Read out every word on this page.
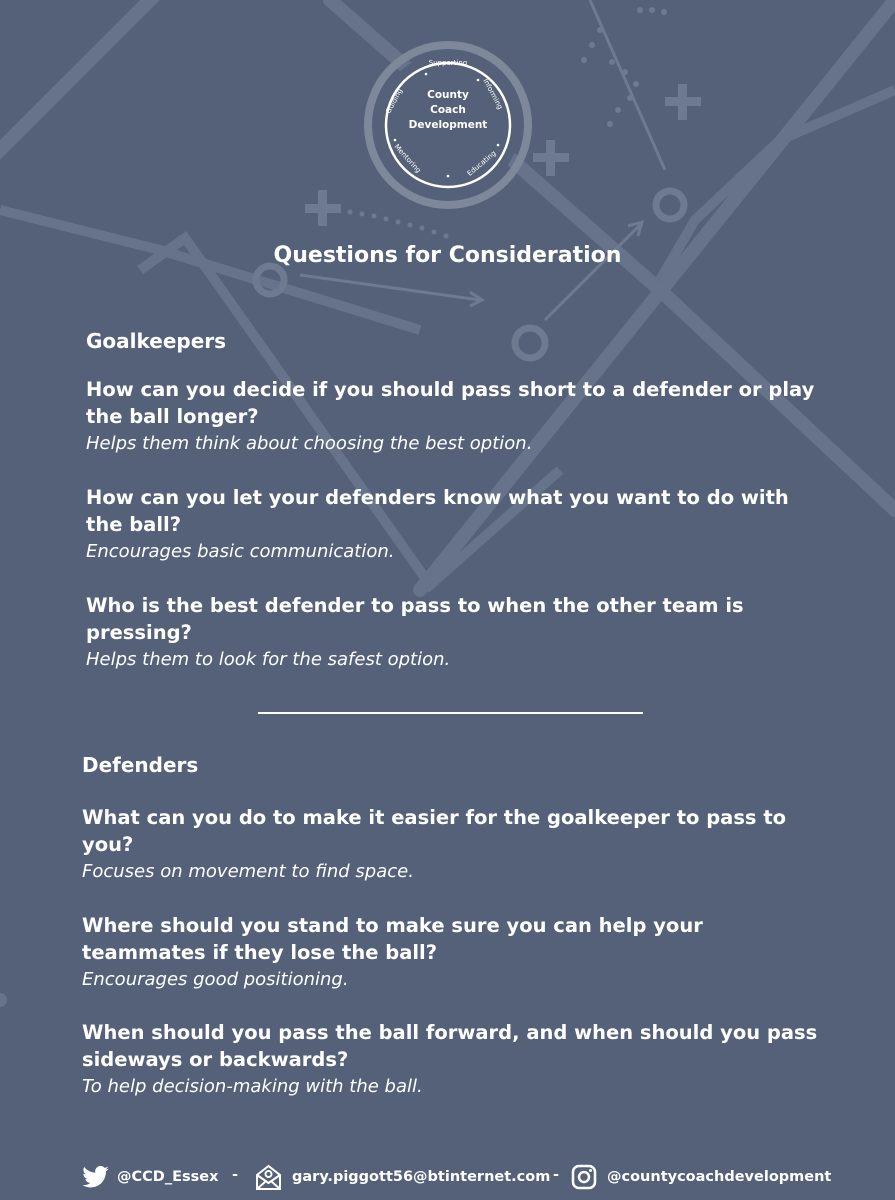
Supporting
Informing
Educating
Mentoring
Guiding	County
Coach
Development
Questions for Consideration
Goalkeepers
How can you decide if you should pass short to a defender or play the ball longer?
Helps them think about choosing the best option.
How can you let your defenders know what you want to do with the ball?
Encourages basic communication.
Who is the best defender to pass to when the other team is pressing?
Helps them to look for the safest option.
Defenders
What can you do to make it easier for the goalkeeper to pass to you?
Focuses on movement to find space.
Where should you stand to make sure you can help your teammates if they lose the ball?
Encourages good positioning.
When should you pass the ball forward, and when should you pass sideways or backwards?
To help decision-making with the ball.
@CCD_Essex -	gary.piggott56@btinternet.com -	@countycoachdevelopment
